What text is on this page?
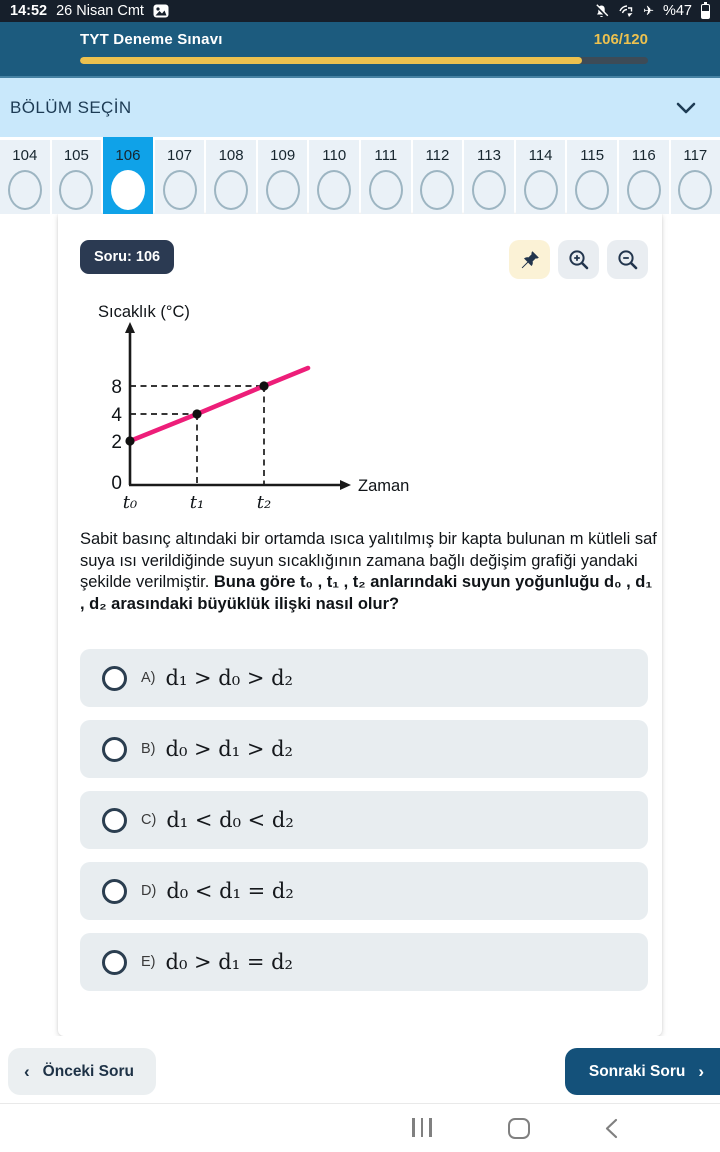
14:52 26 Nisan Cmt	✈ %47
TYT Deneme Sınavı	106/120
BÖLÜM SEÇİN
104	105	106	107	108	109	110	111	112	113	114	115	116	117
Soru: 106
Sıcaklık (°C)
Zaman
8
4
2
0
t₀	t₁	t₂
Sabit basınç altındaki bir ortamda ısıca yalıtılmış bir kapta bulunan m kütleli saf suya ısı verildiğinde suyun sıcaklığının zamana bağlı değişim grafiği yandaki şekilde verilmiştir. Buna göre t₀ , t₁ , t₂ anlarındaki suyun yoğunluğu d₀ , d₁ , d₂ arasındaki büyüklük ilişki nasıl olur?
A) d₁ > d₀ > d₂
B) d₀ > d₁ > d₂
C) d₁ < d₀ < d₂
D) d₀ < d₁ = d₂
E) d₀ > d₁ = d₂
‹ Önceki Soru	Sonraki Soru ›
